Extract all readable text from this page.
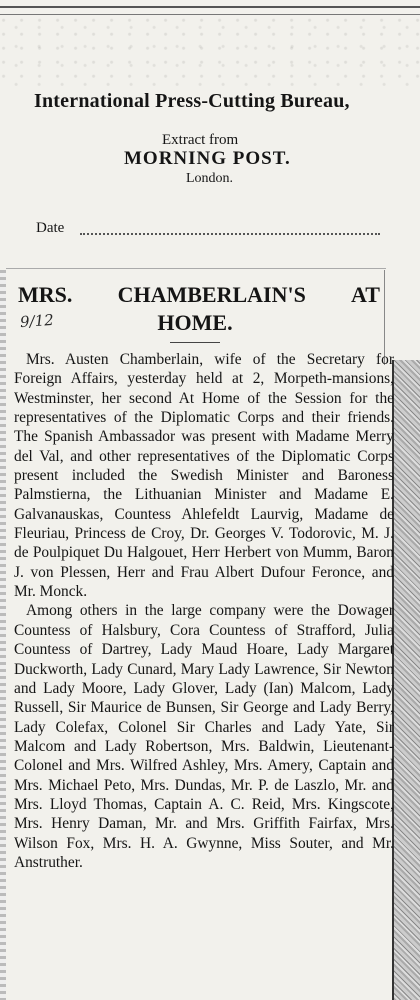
International Press-Cutting Bureau,
Extract from
MORNING POST.
London.
Date
MRS. CHAMBERLAIN'S AT
HOME.
9/12

Mrs. Austen Chamberlain, wife of the Secretary for Foreign Affairs, yesterday held at 2, Morpeth-mansions, Westminster, her second At Home of the Session for the representatives of the Diplomatic Corps and their friends. The Spanish Ambassador was present with Madame Merry del Val, and other representatives of the Diplomatic Corps present included the Swedish Minister and Baroness Palmstierna, the Lithuanian Minister and Madame E. Galvanauskas, Countess Ahlefeldt Laurvig, Madame de Fleuriau, Princess de Croy, Dr. Georges V. Todorovic, M. J. de Poulpiquet Du Halgouet, Herr Herbert von Mumm, Baron J. von Plessen, Herr and Frau Albert Dufour Feronce, and Mr. Monck.

Among others in the large company were the Dowager Countess of Halsbury, Cora Countess of Strafford, Julia Countess of Dartrey, Lady Maud Hoare, Lady Margaret Duckworth, Lady Cunard, Mary Lady Lawrence, Sir Newton and Lady Moore, Lady Glover, Lady (Ian) Malcom, Lady Russell, Sir Maurice de Bunsen, Sir George and Lady Berry, Lady Colefax, Colonel Sir Charles and Lady Yate, Sir Malcom and Lady Robertson, Mrs. Baldwin, Lieutenant-Colonel and Mrs. Wilfred Ashley, Mrs. Amery, Captain and Mrs. Michael Peto, Mrs. Dundas, Mr. P. de Laszlo, Mr. and Mrs. Lloyd Thomas, Captain A. C. Reid, Mrs. Kingscote, Mrs. Henry Daman, Mr. and Mrs. Griffith Fairfax, Mrs. Wilson Fox, Mrs. H. A. Gwynne, Miss Souter, and Mr. Anstruther.
